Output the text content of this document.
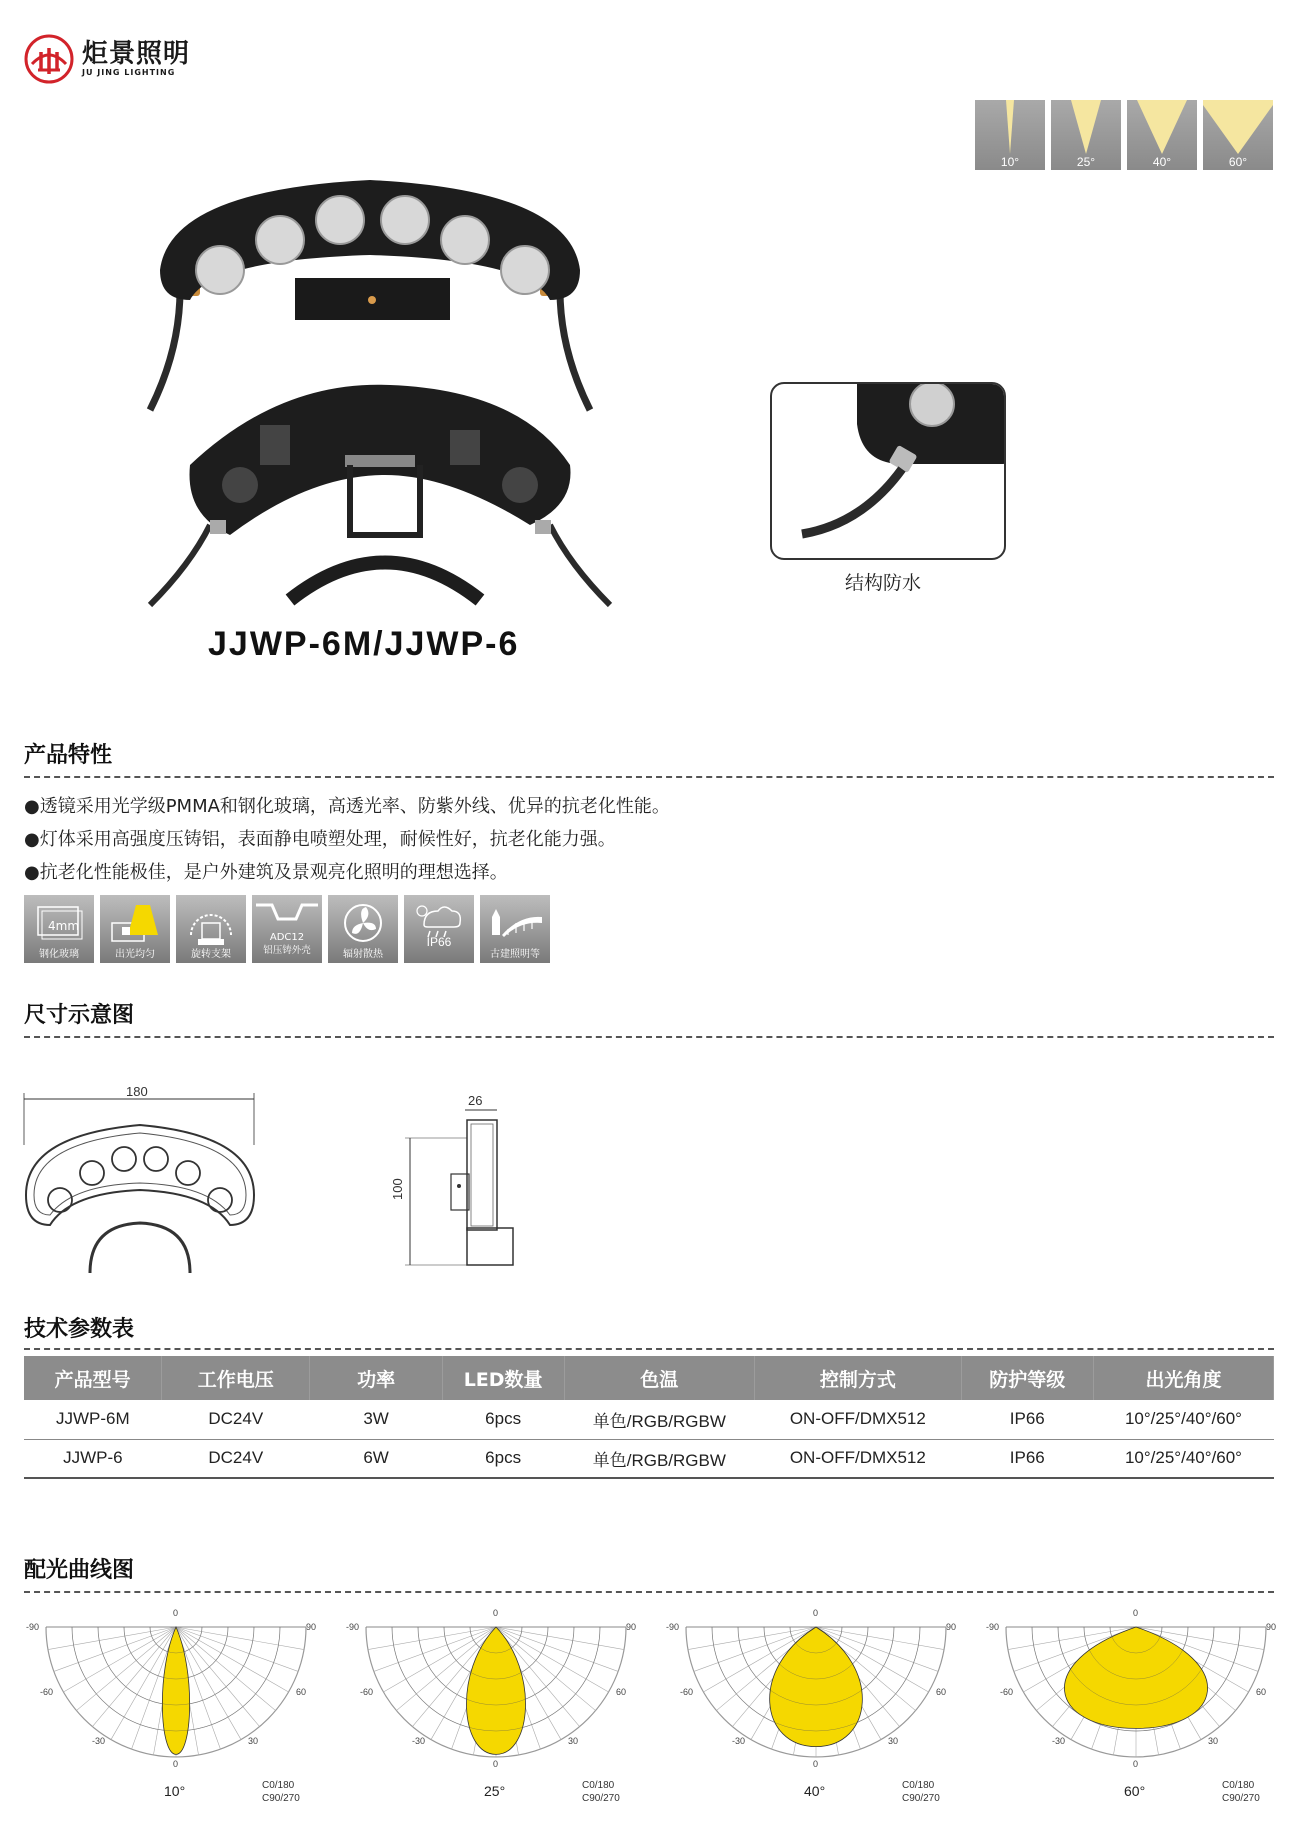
炬景照明
JU JING LIGHTING
10°	25°	40°	60°
JJWP-6M/JJWP-6
结构防水
产品特性
●透镜采用光学级PMMA和钢化玻璃，高透光率、防紫外线、优异的抗老化性能。
●灯体采用高强度压铸铝，表面静电喷塑处理，耐候性好，抗老化能力强。
●抗老化性能极佳，是户外建筑及景观亮化照明的理想选择。
4mm
钢化玻璃	出光均匀	旋转支架
ADC12
铝压铸外壳	辐射散热
IP66
古建照明等
尺寸示意图
180
26
100
技术参数表
产品型号	工作电压	功率	LED数量	色温	控制方式	防护等级	出光角度
JJWP-6M	DC24V	3W	6pcs	单色/RGB/RGBW	ON-OFF/DMX512	IP66	10°/25°/40°/60°
JJWP-6	DC24V	6W	6pcs	单色/RGB/RGBW	ON-OFF/DMX512	IP66	10°/25°/40°/60°
配光曲线图
0
0
-90	90
-60	60
-30	30
10°	C0/180
C90/270
0
0
-90	90
-60	60
-30	30
25°	C0/180
C90/270
0
0
-90	90
-60	60
-30	30
40°	C0/180
C90/270
0
0
-90	90
-60	60
-30	30
60°	C0/180
C90/270
